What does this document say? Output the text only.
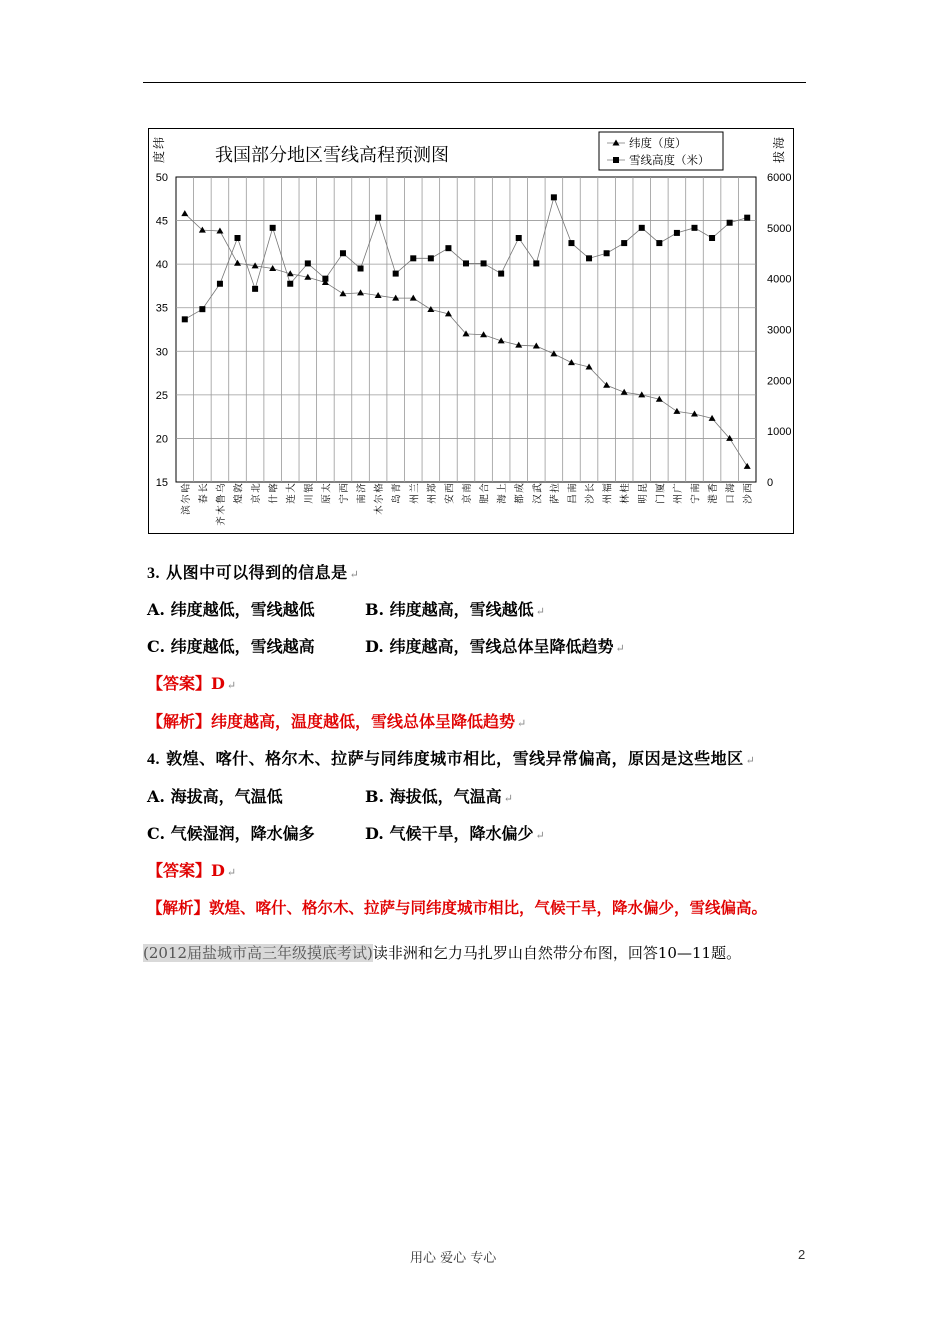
50
45
40
35
30
25
20
15
6000
5000
4000
3000
2000
1000
0
哈
尔
滨
长
春
乌
鲁
木
齐
敦
煌
北
京
喀
什
大
连
银
川
太
原
西
宁
济
南
格
尔
木
青
岛
兰
州
郑
州
西
安
南
京
合
肥
上
海
成
都
武
汉
拉
萨
南
昌
长
沙
福
州
桂
林
昆
明
厦
门
广
州
南
宁
香
港
海
口
西
沙
我国部分地区雪线高程预测图
纬
度
海
拔
纬度（度）
雪线高度（米）
3. 从图中可以得到的信息是 ↵
A. 纬度越低，雪线越低	B. 纬度越高，雪线越低 ↵
C. 纬度越低，雪线越高	D. 纬度越高，雪线总体呈降低趋势 ↵
【答案】D ↵
【解析】纬度越高，温度越低，雪线总体呈降低趋势 ↵
4. 敦煌、喀什、格尔木、拉萨与同纬度城市相比，雪线异常偏高，原因是这些地区 ↵
A. 海拔高，气温低	B. 海拔低，气温高 ↵
C. 气候湿润，降水偏多	D. 气候干旱，降水偏少 ↵
【答案】D ↵
【解析】敦煌、喀什、格尔木、拉萨与同纬度城市相比，气候干旱，降水偏少，雪线偏高。
(2012届盐城市高三年级摸底考试)读非洲和乞力马扎罗山自然带分布图，回答10—11题。
用心 爱心 专心	2
